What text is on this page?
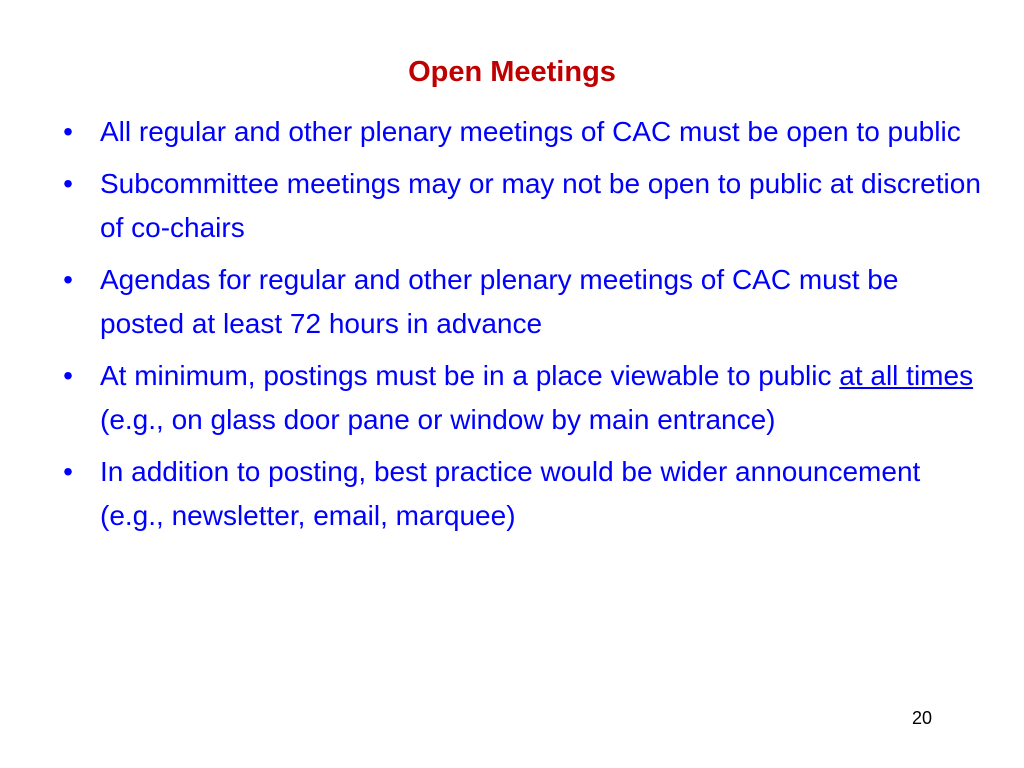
Open Meetings
• All regular and other plenary meetings of CAC must be open to public
• Subcommittee meetings may or may not be open to public at discretion of co-chairs
• Agendas for regular and other plenary meetings of CAC must be posted at least 72 hours in advance
• At minimum, postings must be in a place viewable to public at all times (e.g., on glass door pane or window by main entrance)
• In addition to posting, best practice would be wider announcement (e.g., newsletter, email, marquee)
20
